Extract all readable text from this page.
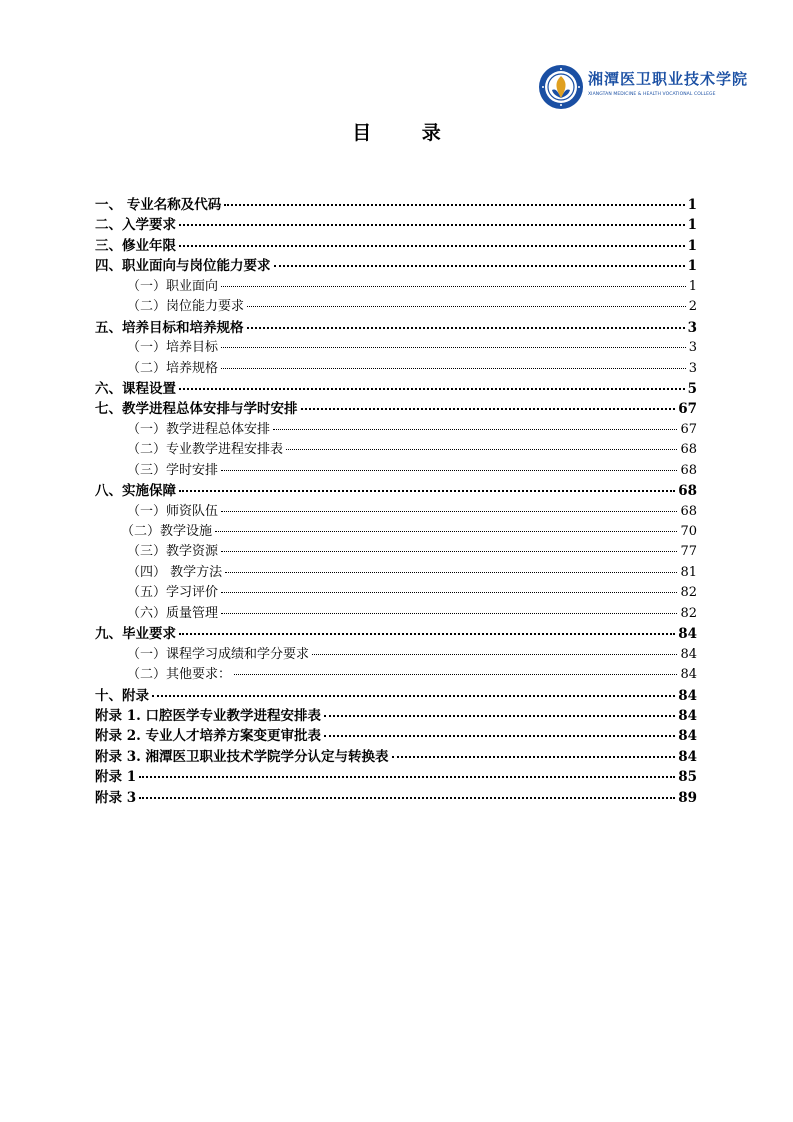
湘潭医卫职业技术学院
XIANGTAN MEDICINE & HEALTH VOCATIONAL COLLEGE
目 录
一、 专业名称及代码	1
二、入学要求	1
三、修业年限	1
四、职业面向与岗位能力要求	1
（一）职业面向	1
（二）岗位能力要求	2
五、培养目标和培养规格	3
（一）培养目标	3
（二）培养规格	3
六、课程设置	5
七、教学进程总体安排与学时安排	67
（一）教学进程总体安排	67
（二）专业教学进程安排表	68
（三）学时安排	68
八、实施保障	68
（一）师资队伍	68
（二）教学设施	70
（三）教学资源	77
（四） 教学方法	81
（五）学习评价	82
（六）质量管理	82
九、毕业要求	84
（一）课程学习成绩和学分要求	84
（二）其他要求：	84
十、附录	84
附录 1. 口腔医学专业教学进程安排表	84
附录 2. 专业人才培养方案变更审批表	84
附录 3. 湘潭医卫职业技术学院学分认定与转换表	84
附录 1	85
附录 3	89
